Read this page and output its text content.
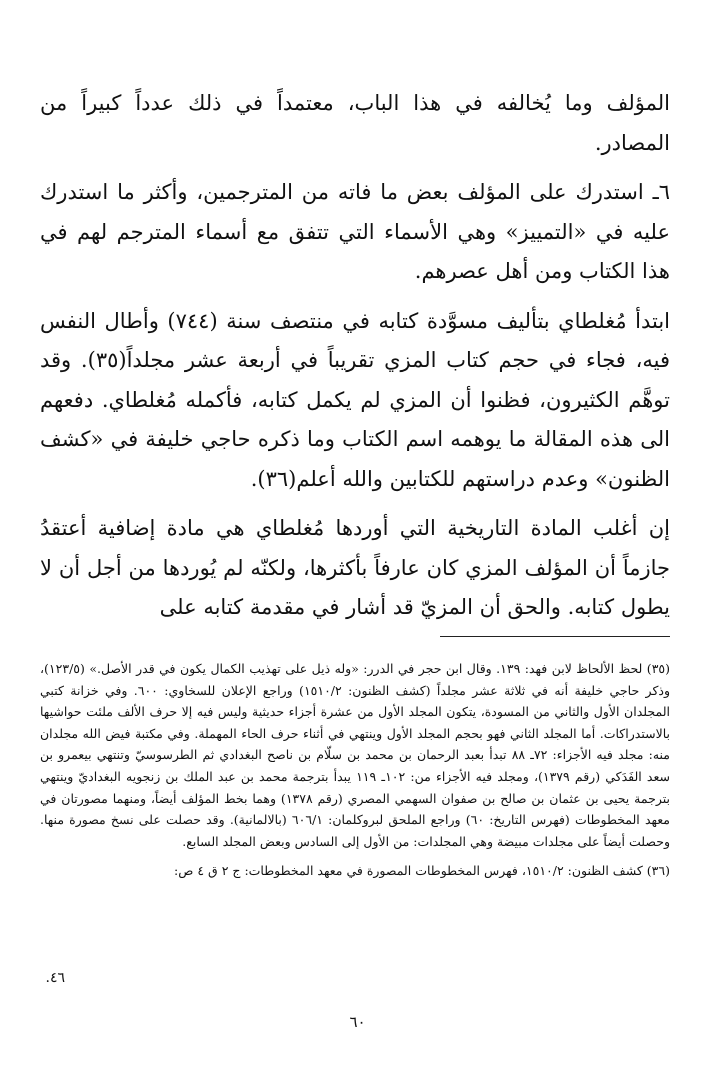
المؤلف وما يُخالفه في هذا الباب، معتمداً في ذلك عدداً كبيراً من المصادر.

٦ـ استدرك على المؤلف بعض ما فاته من المترجمين، وأكثر ما استدرك عليه في «التمييز» وهي الأسماء التي تتفق مع أسماء المترجم لهم في هذا الكتاب ومن أهل عصرهم.

ابتدأ مُغلطاي بتأليف مسوَّدة كتابه في منتصف سنة (٧٤٤) وأطال النفس فيه، فجاء في حجم كتاب المزي تقريباً في أربعة عشر مجلداً(٣٥). وقد توهَّم الكثيرون، فظنوا أن المزي لم يكمل كتابه، فأكمله مُغلطاي. دفعهم الى هذه المقالة ما يوهمه اسم الكتاب وما ذكره حاجي خليفة في «كشف الظنون» وعدم دراستهم للكتابين والله أعلم(٣٦).

إن أغلب المادة التاريخية التي أوردها مُغلطاي هي مادة إضافية أعتقدُ جازماً أن المؤلف المزي كان عارفاً بأكثرها، ولكنّه لم يُوردها من أجل أن لا يطول كتابه. والحق أن المزيّ قد أشار في مقدمة كتابه على

(٣٥) لحظ الألحاظ لابن فهد: ١٣٩. وقال ابن حجر في الدرر: «وله ذيل على تهذيب الكمال يكون في قدر الأصل.» (١٢٣/٥)، وذكر حاجي خليفة أنه في ثلاثة عشر مجلداً (كشف الظنون: ١٥١٠/٢) وراجع الإعلان للسخاوي: ٦٠٠. وفي خزانة كتبي المجلدان الأول والثاني من المسودة، يتكون المجلد الأول من عشرة أجزاء حديثية وليس فيه إلا حرف الألف ملئت حواشيها بالاستدراكات. أما المجلد الثاني فهو بحجم المجلد الأول وينتهي في أثناء حرف الحاء المهملة. وفي مكتبة فيض الله مجلدان منه: مجلد فيه الأجزاء: ٧٢ـ ٨٨ تبدأ بعبد الرحمان بن محمد بن سلّام بن ناصح البغدادي ثم الطرسوسيّ وتنتهي بيعمرو بن سعد الفَدَكي (رقم ١٣٧٩)، ومجلد فيه الأجزاء من: ١٠٢ـ ١١٩ يبدأ بترجمة محمد بن عبد الملك بن زنجويه البغداديّ وينتهي بترجمة يحيى بن عثمان بن صالح بن صفوان السهمي المصري (رقم ١٣٧٨) وهما بخط المؤلف أيضاً، ومنهما مصورتان في معهد المخطوطات (فهرس التاريخ: ٦٠) وراجع الملحق لبروكلمان: ٦٠٦/١ (بالالمانية). وقد حصلت على نسخ مصورة منها. وحصلت أيضاً على مجلدات مبيضة وهي المجلدات: من الأول إلى السادس وبعض المجلد السابع.

(٣٦) كشف الظنون: ١٥١٠/٢، فهرس المخطوطات المصورة في معهد المخطوطات: ج ٢ ق ٤ ص:

٤٦.
٦٠
